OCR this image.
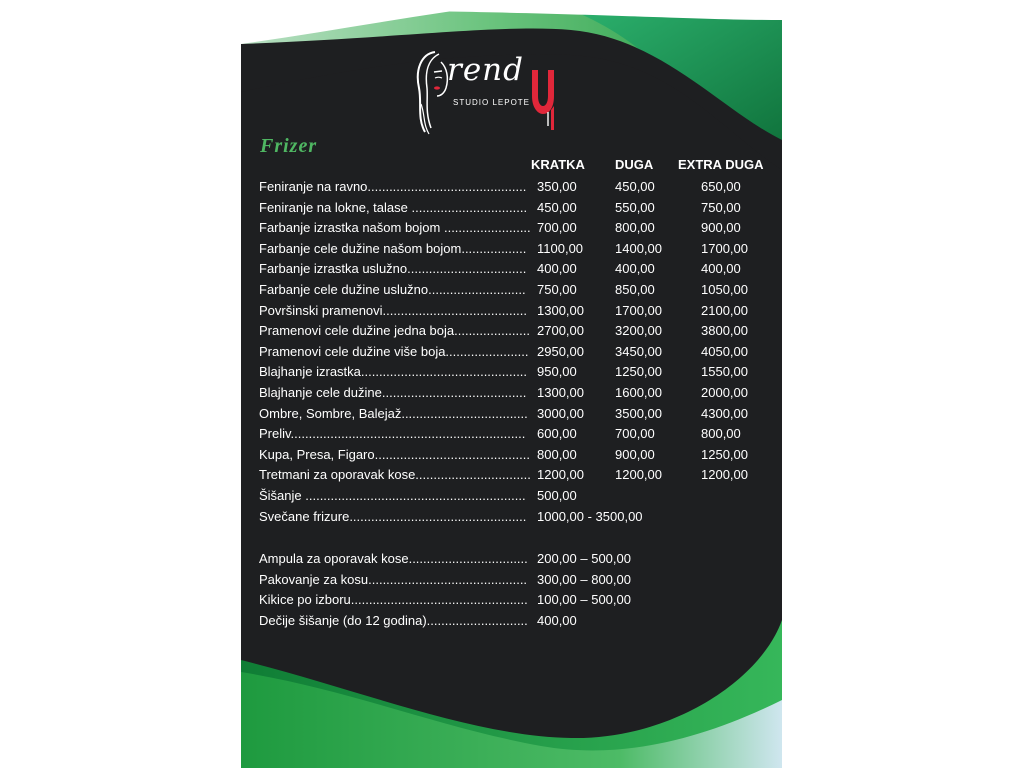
rend
STUDIO LEPOTE
Frizer
KRATKA DUGA EXTRA DUGA
Feniranje na ravno............................................ 350,00	450,00	650,00
Feniranje na lokne, talase ................................ 450,00	550,00	750,00
Farbanje izrastka našom bojom ........................ 700,00	800,00	900,00
Farbanje cele dužine našom bojom.................. 1100,00 1400,00	1700,00
Farbanje izrastka uslužno................................. 400,00	400,00	400,00
Farbanje cele dužine uslužno........................... 750,00	850,00	1050,00
Površinski pramenovi........................................ 1300,00 1700,00	2100,00
Pramenovi cele dužine jedna boja..................... 2700,00 3200,00	3800,00
Pramenovi cele dužine više boja....................... 2950,00 3450,00	4050,00
Blajhanje izrastka.............................................. 950,00	1250,00	1550,00
Blajhanje cele dužine........................................ 1300,00 1600,00	2000,00
Ombre, Sombre, Balejaž................................... 3000,00 3500,00	4300,00
Preliv................................................................. 600,00	700,00	800,00
Kupa, Presa, Figaro........................................... 800,00	900,00	1250,00
Tretmani za oporavak kose................................ 1200,00 1200,00	1200,00
Šišanje ............................................................. 500,00
Svečane frizure................................................. 1000,00 - 3500,00
Ampula za oporavak kose................................. 200,00 – 500,00
Pakovanje za kosu............................................ 300,00 – 800,00
Kikice po izboru................................................. 100,00 – 500,00
Dečije šišanje (do 12 godina)............................ 400,00
